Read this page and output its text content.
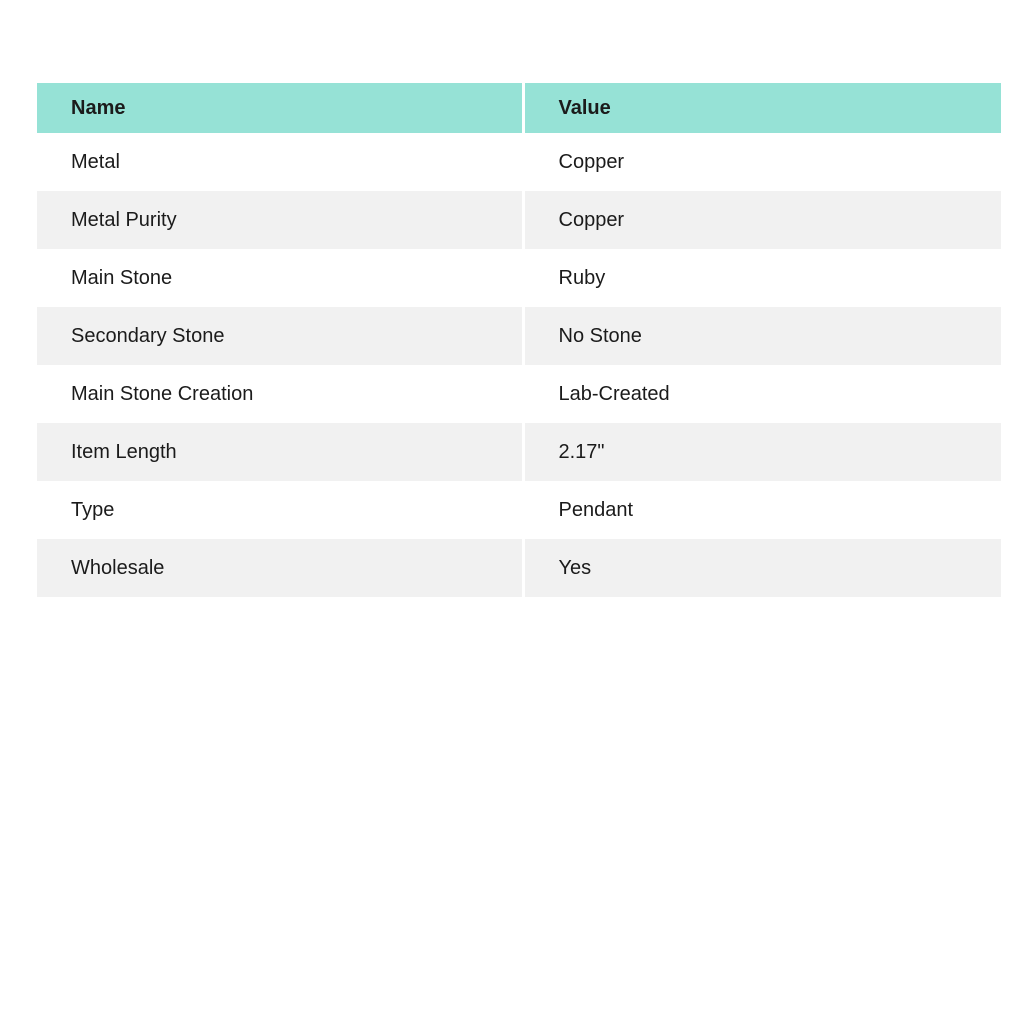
Name	Value
Metal	Copper
Metal Purity	Copper
Main Stone	Ruby
Secondary Stone	No Stone
Main Stone Creation	Lab-Created
Item Length	2.17"
Type	Pendant
Wholesale	Yes
